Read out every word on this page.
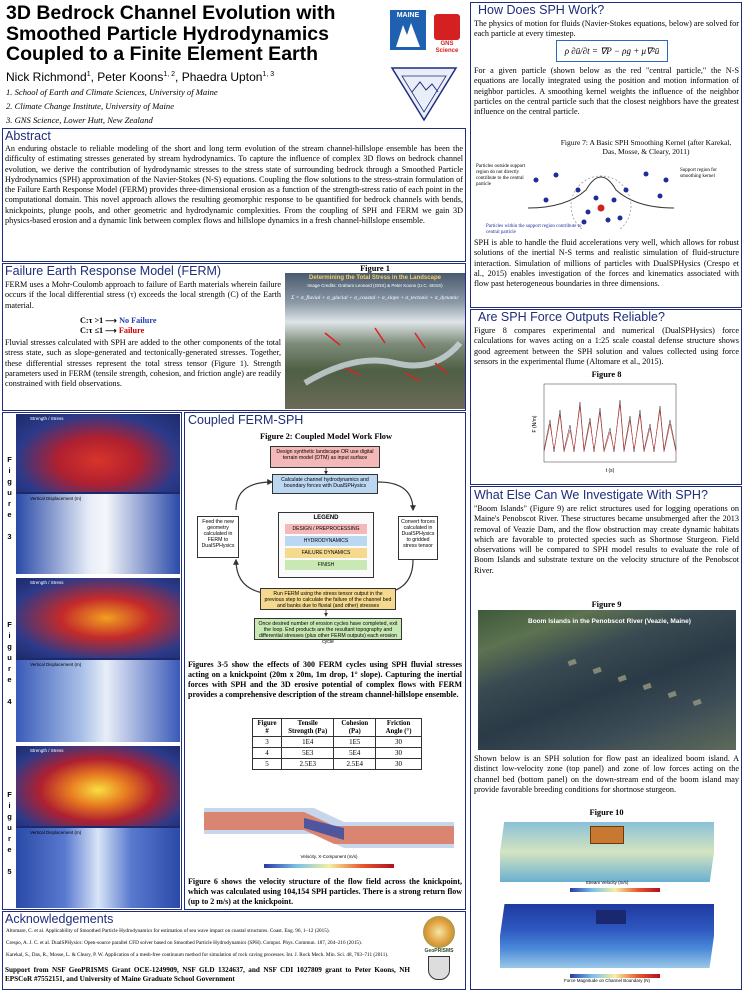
3D Bedrock Channel Evolution with Smoothed Particle Hydrodynamics Coupled to a Finite Element Earth
Nick Richmond$^1$, Peter Koons$^{1, 2}$, Phaedra Upton$^{1, 3}$
1. School of Earth and Climate Sciences, University of Maine
2. Climate Change Institute, University of Maine
3. GNS Science, Lower Hutt, New Zealand
MAINE
GNS Science
Abstract
An enduring obstacle to reliable modeling of the short and long term evolution of the stream channel-hillslope ensemble has been the difficulty of estimating stresses generated by stream hydrodynamics. To capture the influence of complex 3D flows on bedrock channel evolution, we derive the contribution of hydrodynamic stresses to the stress state of surrounding bedrock through a Smoothed Particle Hydrodynamics (SPH) approximation of the Navier-Stokes (N-S) equations. Coupling the flow solutions to the stress-strain formulation of the Failure Earth Response Model (FERM) provides three-dimensional erosion as a function of the strength-stress ratio of each point in the computational domain. This novel approach allows the resulting geomorphic response to be quantified for bedrock channels with bends, knickpoints, plunge pools, and other geometric and hydrodynamic complexities. From the coupling of SPH and FERM we gain 3D physics-based erosion and a dynamic link between complex flows and hillslope dynamics in a fresh channel-hillslope ensemble.
Failure Earth Response Model (FERM)
FERM uses a Mohr-Coulomb approach to failure of Earth materials wherein failure occurs if the local differential stress (τ) exceeds the local strength (C) of the Earth material.
C:τ >1 ⟶ No Failure
C:τ ≤1 ⟶ Failure
Fluvial stresses calculated with SPH are added to the other components of the total stress state, such as slope-generated and tectonically-generated stresses. Together, these differential stresses represent the total stress tensor (Figure 1). Strength parameters used in FERM (tensile strength, cohesion, and friction angle) are readily constrained with field observations.
Figure 1
Determining the Total Stress in the Landscape
Image Credits: Graham Leonard (GNS) & Peter Koons (U.C. SESS)
Σ = σ_fluvial + σ_glacial + σ_coastal + σ_slope + σ_tectonic + σ_dynamic
Figure 3
Strength / Stress
Vertical Displacement (m)
Figure 4
Strength / Stress
Vertical Displacement (m)
Figure 5
Strength / Stress
Vertical Displacement (m)
Coupled FERM-SPH
Figure 2: Coupled Model Work Flow
Design synthetic landscape OR use digital terrain model (DTM) as input surface
Calculate channel hydrodynamics and boundary forces with DualSPHysics
Feed the new geometry calculated in FERM to DualSPHysics
Convert forces calculated in DualSPHysics to gridded stress tensor
LEGEND
DESIGN / PREPROCESSING
HYDRODYNAMICS
FAILURE DYNAMICS
FINISH
Run FERM using the stress tensor output in the previous step to calculate the failure of the channel bed and banks due to fluvial (and other) stresses
Once desired number of erosion cycles have completed, exit the loop. End products are the resultant topography and differential stresses (plus other FERM outputs) each erosion cycle
Figures 3-5 show the effects of 300 FERM cycles using SPH fluvial stresses acting on a knickpoint (20m x 20m, 1m drop, 1° slope). Capturing the inertial forces with SPH and the 3D erosive potential of complex flows with FERM provides a comprehensive description of the stream channel-hillslope ensemble.
Figure #	Tensile Strength (Pa)	Cohesion (Pa)	Friction Angle (°)
3	1E4	1E5	30
4	5E3	5E4	30
5	2.5E3	2.5E4	30
Velocity, X-Component (m/s)
Figure 6 shows the velocity structure of the flow field across the knickpoint, which was calculated using 104,154 SPH particles. There is a strong return flow (up to 2 m/s) at the knickpoint.
Acknowledgements
Altomare, C. et al. Applicability of Smoothed Particle Hydrodynamics for estimation of sea wave impact on coastal structures. Coast. Eng. 96, 1–12 (2015).
Crespo, A. J. C. et al. DualSPHysics: Open-source parallel CFD solver based on Smoothed Particle Hydrodynamics (SPH). Comput. Phys. Commun. 187, 204–216 (2015).
Karekal, S., Das, R., Mosse, L. & Cleary, P. W. Application of a mesh-free continuum method for simulation of rock caving processes. Int. J. Rock Mech. Min. Sci. 48, 703–711 (2011).
Support from NSF GeoPRISMS Grant OCE-1249909, NSF GLD 1324637, and NSF CDI 1027809 grant to Peter Koons, NH EPSCoR #7552151, and University of Maine Graduate School Government
GeoPRISMS
How Does SPH Work?
The physics of motion for fluids (Navier-Stokes equations, below) are solved for each particle at every timestep.
ρ ∂ū/∂t = ∇P − ρg + μ∇²ū
For a given particle (shown below as the red "central particle," the N-S equations are locally integrated using the position and motion information of neighbor particles. A smoothing kernel weights the influence of the neighbor particles on the central particle such that the closest neighbors have the greatest influence on the central particle.
Figure 7: A Basic SPH Smoothing Kernel (after Karekal, Das, Mosse, & Cleary, 2011)
Particles outside support region do not directly contribute to the central particle
Support region for smoothing kernel
Particles within the support region contribute to central particle
SPH is able to handle the fluid accelerations very well, which allows for robust solutions of the inertial N-S terms and realistic simulation of fluid-structure interaction. Simulation of millions of particles with DualSPHysics (Crespo et al., 2015) enables investigation of the forces and kinematics associated with flow past heterogeneous boundaries in three dimensions.
Are SPH Force Outputs Reliable?
Figure 8 compares experimental and numerical (DualSPHysics) force calculations for waves acting on a 1:25 scale coastal defense structure shows good agreement between the SPH solution and values collected using force sensors in the experimental flume (Altomare et al., 2015).
Figure 8
t (s)
F (N/m)
What Else Can We Investigate With SPH?
"Boom Islands" (Figure 9) are relict structures used for logging operations on Maine's Penobscot River. These structures became unsubmerged after the 2013 removal of Veazie Dam, and the flow obstruction may create dynamic habitats which are favorable to protected species such as Shortnose Sturgeon. Field observations will be compared to SPH model results to evaluate the role of Boom Islands and substrate texture on the velocity structure of the Penobscot River.
Figure 9
Boom Islands in the Penobscot River (Veazie, Maine)
Shown below is an SPH solution for flow past an idealized boom island. A distinct low-velocity zone (top panel) and zone of low forces acting on the channel bed (bottom panel) on the down-stream end of the boom island may provide favorable breeding conditions for shortnose sturgeon.
Figure 10
Stream Velocity (m/s)
Force Magnitude on Channel Boundary (N)
